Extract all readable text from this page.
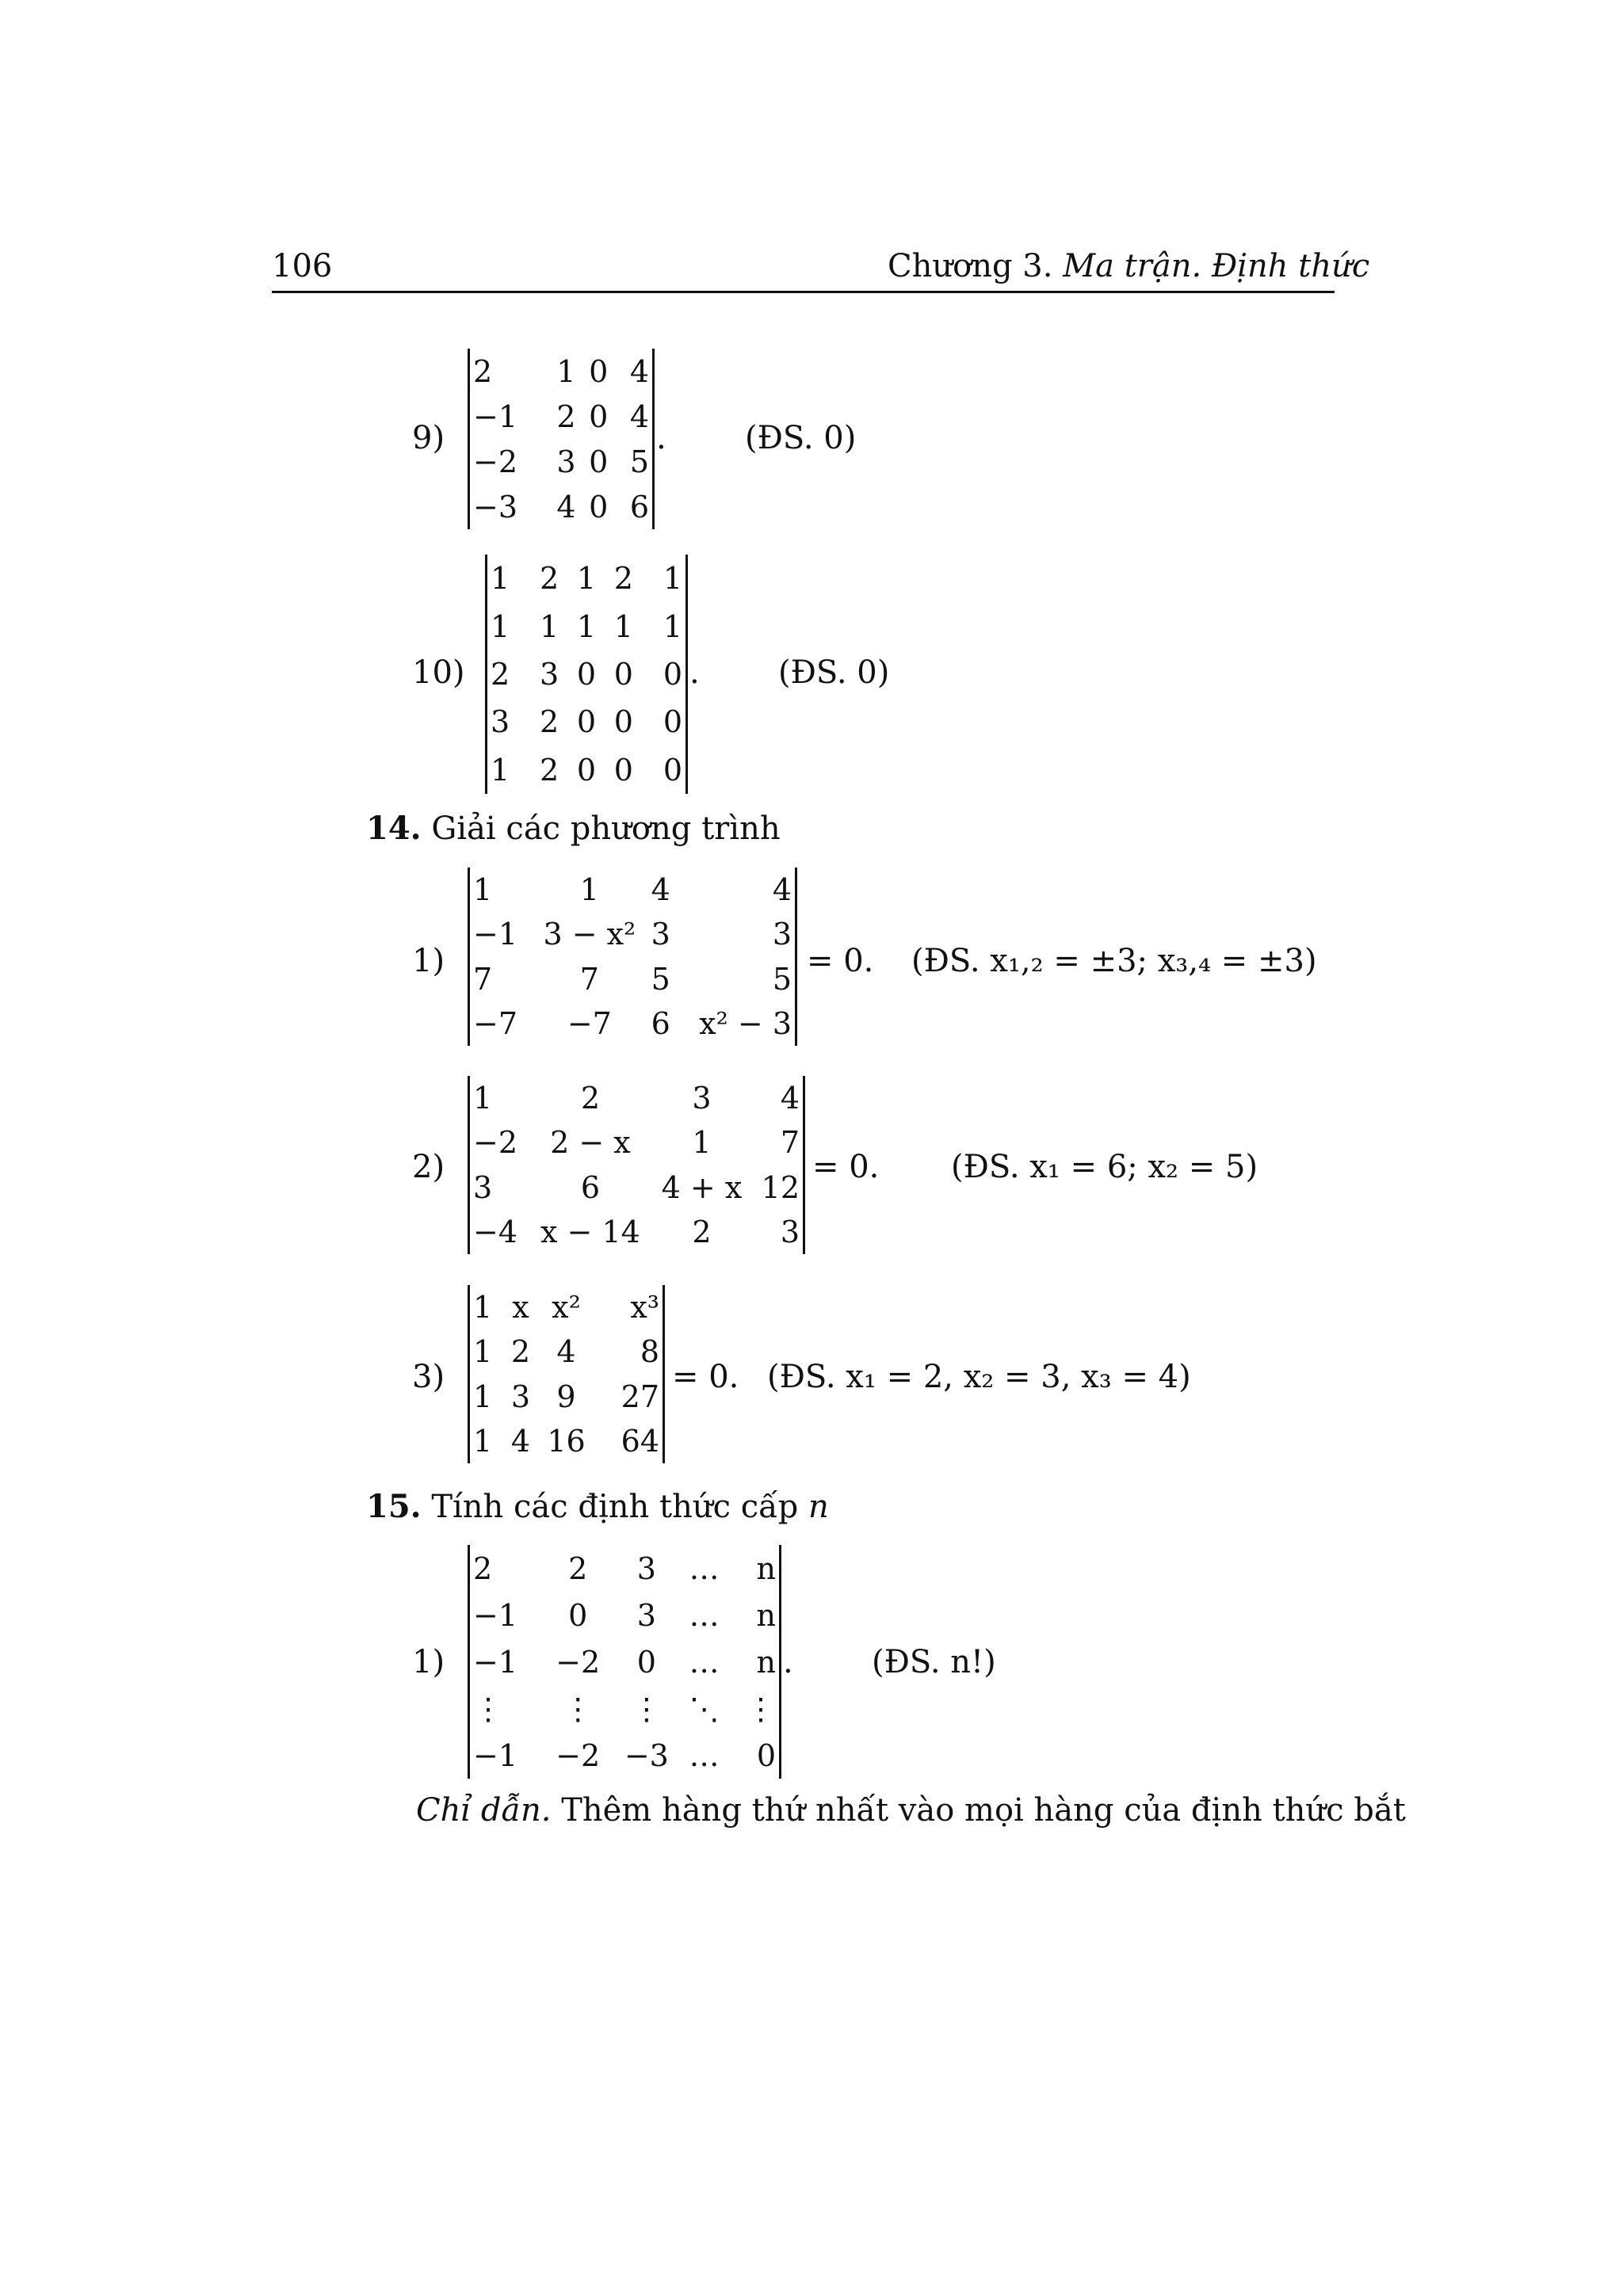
106	Chương 3. Ma trận. Định thức
9)
2	1	0	4
−1	2	0	4
−2	3	0	5
−3	4	0	6
. (ĐS. 0)
10)
1	2	1	2	1
1	1	1	1	1
2	3	0	0	0
3	2	0	0	0
1	2	0	0	0
. (ĐS. 0)
14. Giải các phương trình
1)
1	1	4	4
−1	3 − x²	3	3
7	7	5	5
−7	−7	6	x² − 3
= 0. (ĐS. x₁,₂ = ±3; x₃,₄ = ±3)
2)
1	2	3	4
−2	2 − x	1	7
3	6	4 + x	12
−4	x − 14	2	3
= 0. (ĐS. x₁ = 6; x₂ = 5)
3)
1	x	x²	x³
1	2	4	8
1	3	9	27
1	4	16	64
= 0. (ĐS. x₁ = 2, x₂ = 3, x₃ = 4)
15. Tính các định thức cấp n
1)
2	2	3	…	n
−1	0	3	…	n
−1	−2	0	…	n
⋮	⋮	⋮	⋱	⋮
−1	−2	−3	…	0
. (ĐS. n!)
Chỉ dẫn. Thêm hàng thứ nhất vào mọi hàng của định thức bắt
